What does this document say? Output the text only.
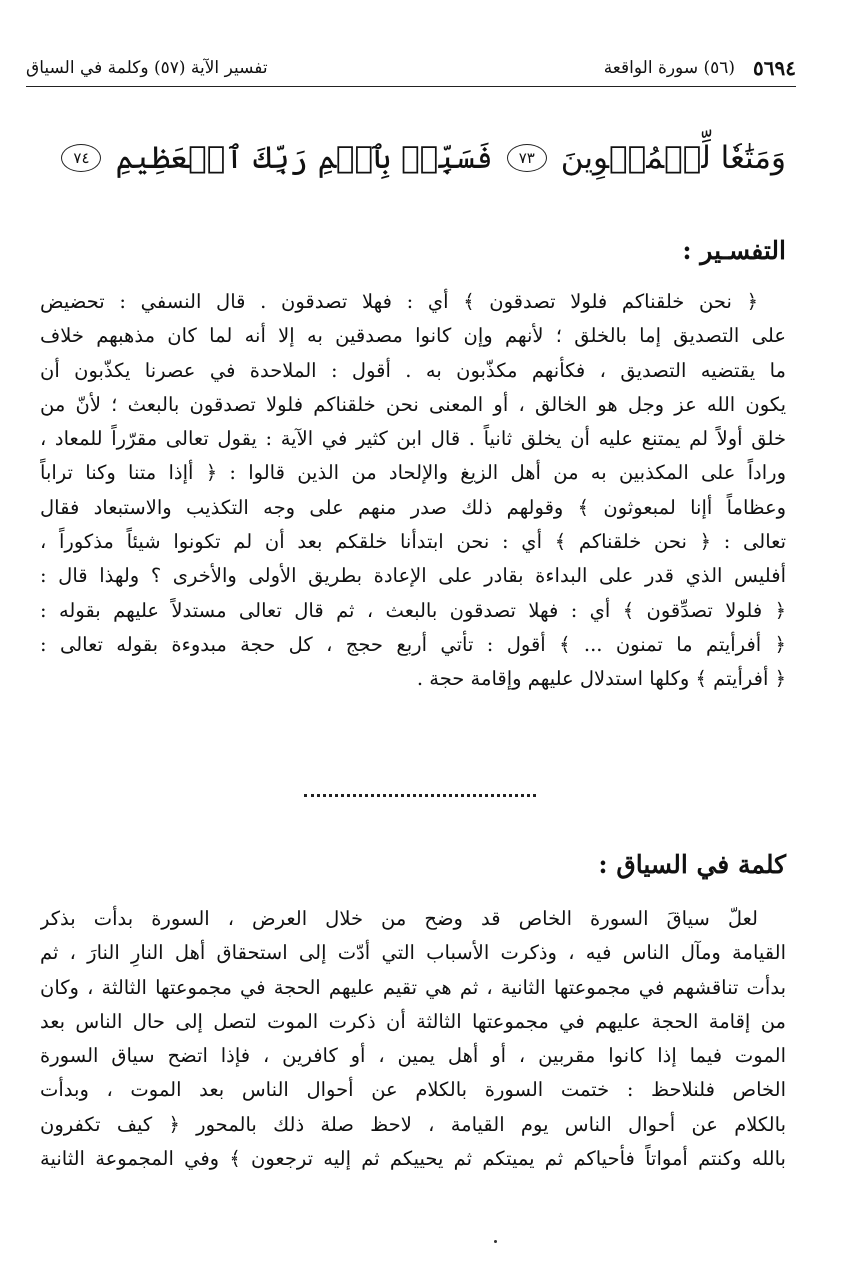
٥٦٩٤
(٥٦) سورة الواقعة
تفسير الآية (٥٧) وكلمة في السياق
وَمَتَٰعٗا لِّلۡمُقۡوِينَ
٧٣
فَسَبِّحۡ بِٱسۡمِ رَبِّكَ ٱلۡعَظِيمِ
٧٤
التفسـير :
﴿ نحن خلقناكم فلولا تصدقون ﴾ أي : فهلا تصدقون . قال النسفي : تحضيض
على التصديق إما بالخلق ؛ لأنهم وإن كانوا مصدقين به إلا أنه لما كان مذهبهم خلاف
ما يقتضيه التصديق ، فكأنهم مكذّبون به . أقول : الملاحدة في عصرنا يكذّبون أن
يكون الله عز وجل هو الخالق ، أو المعنى نحن خلقناكم فلولا تصدقون بالبعث ؛ لأنّ من
خلق أولاً لم يمتنع عليه أن يخلق ثانياً . قال ابن كثير في الآية : يقول تعالى مقرّراً للمعاد ،
وراداً على المكذبين به من أهل الزيغ والإلحاد من الذين قالوا : ﴿ أإذا متنا وكنا تراباً
وعظاماً أإنا لمبعوثون ﴾ وقولهم ذلك صدر منهم على وجه التكذيب والاستبعاد فقال
تعالى : ﴿ نحن خلقناكم ﴾ أي : نحن ابتدأنا خلقكم بعد أن لم تكونوا شيئاً مذكوراً ،
أفليس الذي قدر على البداءة بقادر على الإعادة بطريق الأولى والأخرى ؟ ولهذا قال :
﴿ فلولا تصدِّقون ﴾ أي : فهلا تصدقون بالبعث ، ثم قال تعالى مستدلاً عليهم بقوله :
﴿ أفرأيتم ما تمنون ... ﴾ أقول : تأتي أربع حجج ، كل حجة مبدوءة بقوله تعالى :
﴿ أفرأيتم ﴾ وكلها استدلال عليهم وإقامة حجة .
كلمة في السياق :
لعلّ سياقَ السورة الخاص قد وضح من خلال العرض ، السورة بدأت بذكر
القيامة ومآل الناس فيه ، وذكرت الأسباب التي أدّت إلى استحقاق أهل النارِ النارَ ، ثم
بدأت تناقشهم في مجموعتها الثانية ، ثم هي تقيم عليهم الحجة في مجموعتها الثالثة ، وكان
من إقامة الحجة عليهم في مجموعتها الثالثة أن ذكرت الموت لتصل إلى حال الناس بعد
الموت فيما إذا كانوا مقربين ، أو أهل يمين ، أو كافرين ، فإذا اتضح سياق السورة
الخاص فلنلاحظ : ختمت السورة بالكلام عن أحوال الناس بعد الموت ، وبدأت
بالكلام عن أحوال الناس يوم القيامة ، لاحظ صلة ذلك بالمحور ﴿ كيف تكفرون
بالله وكنتم أمواتاً فأحياكم ثم يميتكم ثم يحييكم ثم إليه ترجعون ﴾ وفي المجموعة الثانية
